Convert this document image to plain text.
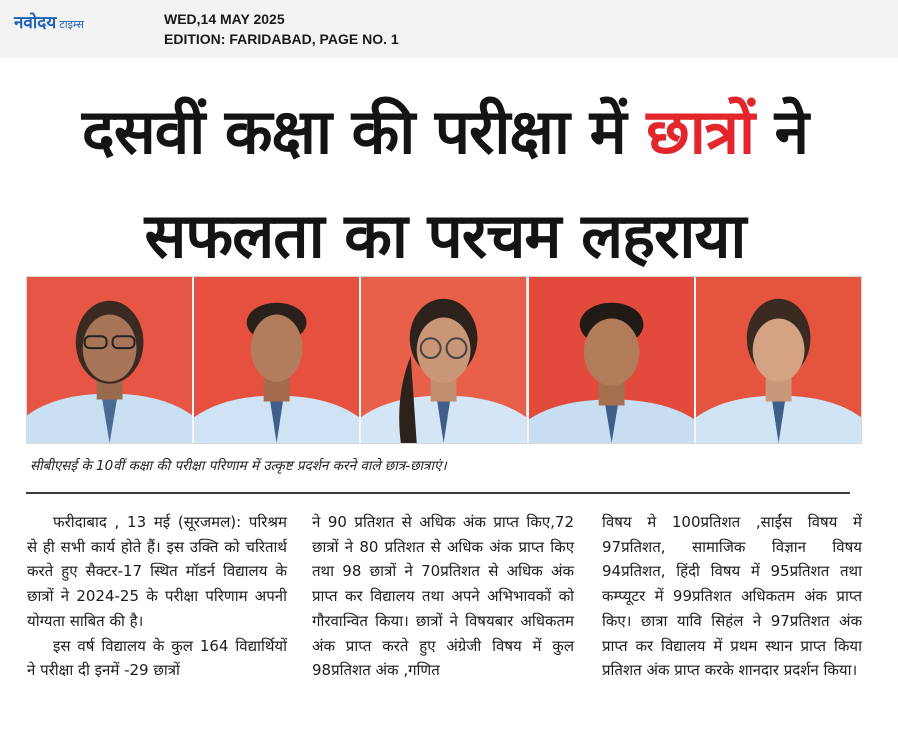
नवोदय टाइम्स	WED,14 MAY 2025
EDITION: FARIDABAD, PAGE NO. 1
दसवीं कक्षा की परीक्षा में छात्रों ने
सफलता का परचम लहराया
सीबीएसई के 10वीं कक्षा की परीक्षा परिणाम में उत्कृष्ट प्रदर्शन करने वाले छात्र-छात्राएं।

फरीदाबाद , 13 मई (सूरजमल): परिश्रम से ही सभी कार्य होते हैं। इस उक्ति को चरितार्थ करते हुए सैक्टर-17 स्थित मॉडर्न विद्यालय के छात्रों ने 2024-25 के परीक्षा परिणाम अपनी योग्यता साबित की है।

इस वर्ष विद्यालय के कुल 164 विद्यार्थियों ने परीक्षा दी इनमें -29 छात्रों

ने 90 प्रतिशत से अधिक अंक प्राप्त किए,72 छात्रों ने 80 प्रतिशत से अधिक अंक प्राप्त किए तथा 98 छात्रों ने 70प्रतिशत से अधिक अंक प्राप्त कर विद्यालय तथा अपने अभिभावकों को गौरवान्वित किया। छात्रों ने विषयबार अधिकतम अंक प्राप्त करते हुए अंग्रेजी विषय में कुल 98प्रतिशत अंक ,गणित

विषय मे 100प्रतिशत ,साईंस विषय में 97प्रतिशत, सामाजिक विज्ञान विषय 94प्रतिशत, हिंदी विषय में 95प्रतिशत तथा कम्प्यूटर में 99प्रतिशत अधिकतम अंक प्राप्त किए। छात्रा यावि सिहंल ने 97प्रतिशत अंक प्राप्त कर विद्यालय में प्रथम स्थान प्राप्त किया प्रतिशत अंक प्राप्त करके शानदार प्रदर्शन किया।
